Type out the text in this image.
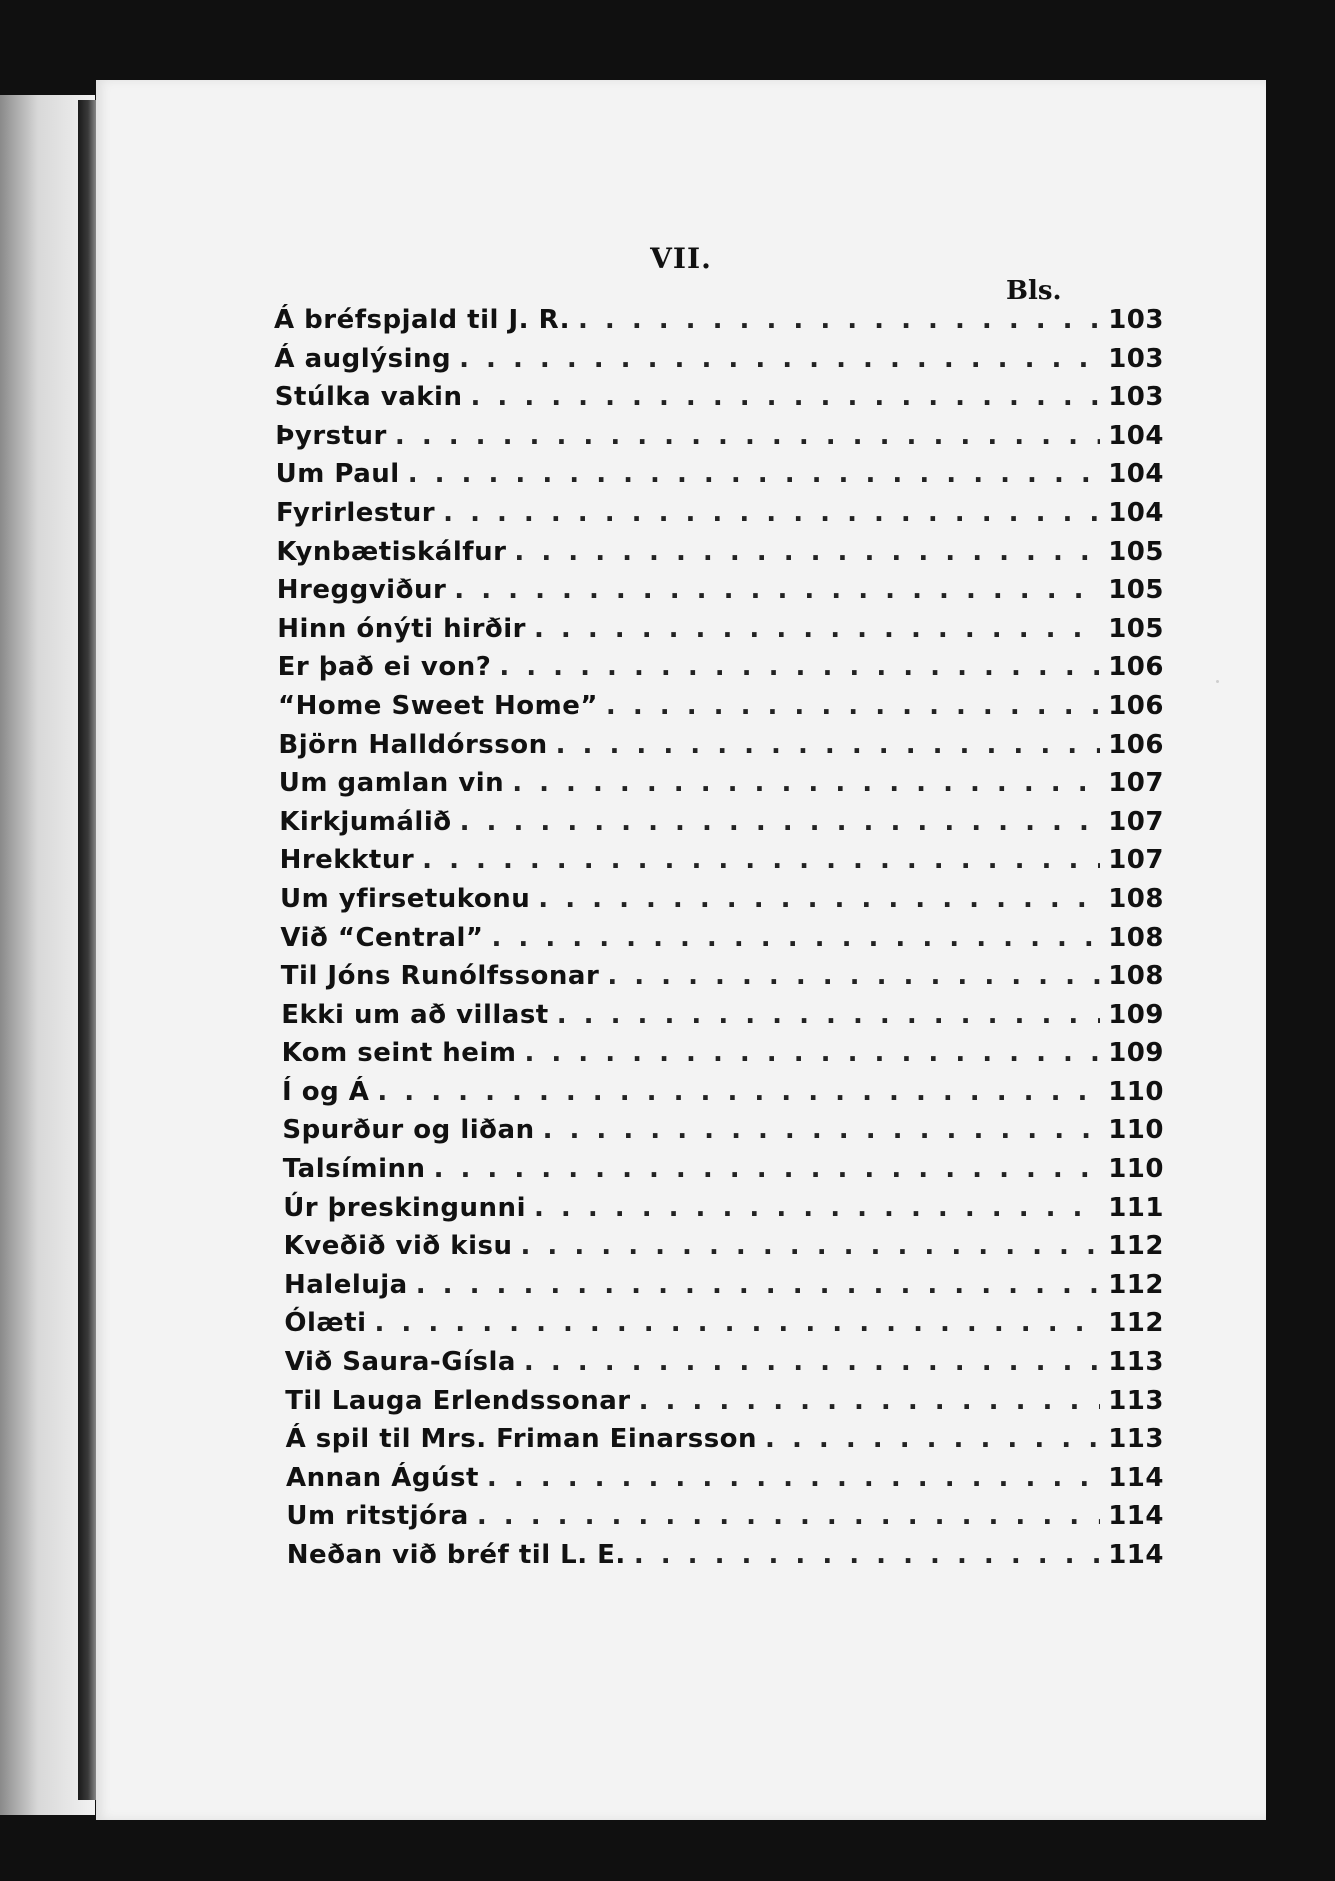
VII.
Bls.
Á bréfspjald til J. R. . . .	103
Á auglýsing . . .	103
Stúlka vakin . . .	103
Þyrstur . . .	104
Um Paul . . .	104
Fyrirlestur . . .	104
Kynbætiskálfur . . .	105
Hreggviður . . .	105
Hinn ónýti hirðir . . .	105
Er það ei von? . . .	106
“Home Sweet Home” . . .	106
Björn Halldórsson . . .	106
Um gamlan vin . . .	107
Kirkjumálið . . .	107
Hrekktur . . .	107
Um yfirsetukonu . . .	108
Við “Central” . . .	108
Til Jóns Runólfssonar . . .	108
Ekki um að villast . . .	109
Kom seint heim . . .	109
Í og Á . . .	110
Spurður og liðan . . .	110
Talsíminn . . .	110
Úr þreskingunni . . .	111
Kveðið við kisu . . .	112
Haleluja . . .	112
Ólæti . . .	112
Við Saura-Gísla . . .	113
Til Lauga Erlendssonar . . .	113
Á spil til Mrs. Friman Einarsson . . .	113
Annan Ágúst . . .	114
Um ritstjóra . . .	114
Neðan við bréf til L. E. . . .	114
